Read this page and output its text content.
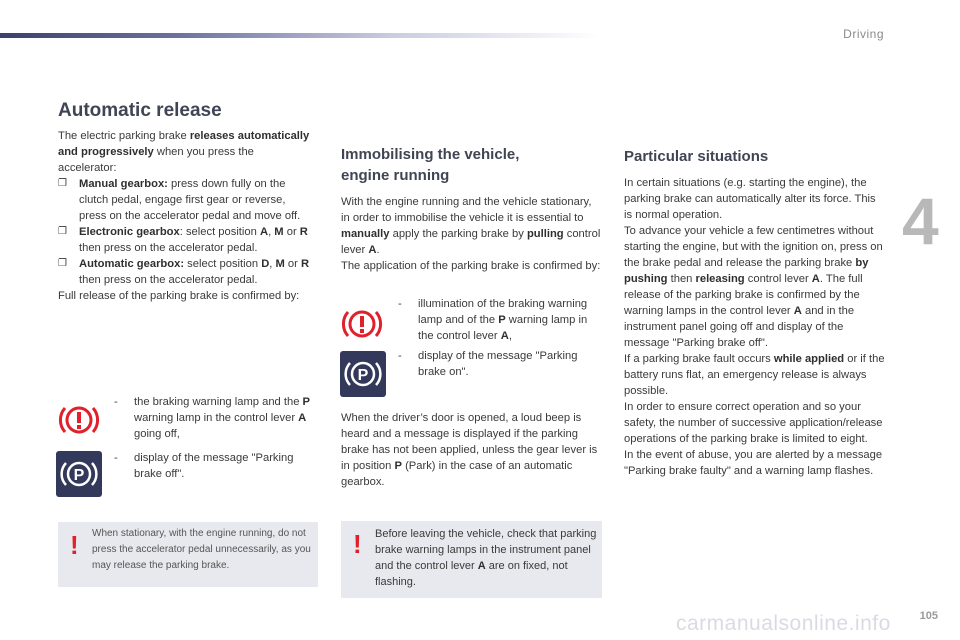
Driving
4
Automatic release

The electric parking brake releases automatically and progressively when you press the accelerator:

❐	Manual gearbox: press down fully on the clutch pedal, engage first gear or reverse, press on the accelerator pedal and move off.
❐	Electronic gearbox: select position A, M or R then press on the accelerator pedal.
❐	Automatic gearbox: select position D, M or R then press on the accelerator pedal.

Full release of the parking brake is confirmed by:

-	the braking warning lamp and the P warning lamp in the control lever A going off,
P
-	display of the message "Parking brake off".
! When stationary, with the engine running, do not press the accelerator pedal unnecessarily, as you may release the parking brake.

Immobilising the vehicle,
engine running

With the engine running and the vehicle stationary, in order to immobilise the vehicle it is essential to manually apply the parking brake by pulling control lever A.

The application of the parking brake is confirmed by:

-	illumination of the braking warning lamp and of the P warning lamp in the control lever A,
P
-	display of the message "Parking brake on".

When the driver’s door is opened, a loud beep is heard and a message is displayed if the parking brake has not been applied, unless the gear lever is in position P (Park) in the case of an automatic gearbox.

! Before leaving the vehicle, check that parking brake warning lamps in the instrument panel and the control lever A are on fixed, not flashing.

Particular situations

In certain situations (e.g. starting the engine), the parking brake can automatically alter its force. This is normal operation.

To advance your vehicle a few centimetres without starting the engine, but with the ignition on, press on the brake pedal and release the parking brake by pushing then releasing control lever A. The full release of the parking brake is confirmed by the warning lamps in the control lever A and in the instrument panel going off and display of the message "Parking brake off".

If a parking brake fault occurs while applied or if the battery runs flat, an emergency release is always possible.

In order to ensure correct operation and so your safety, the number of successive application/release operations of the parking brake is limited to eight.

In the event of abuse, you are alerted by a message "Parking brake faulty" and a warning lamp flashes.

carmanualsonline.info	105
